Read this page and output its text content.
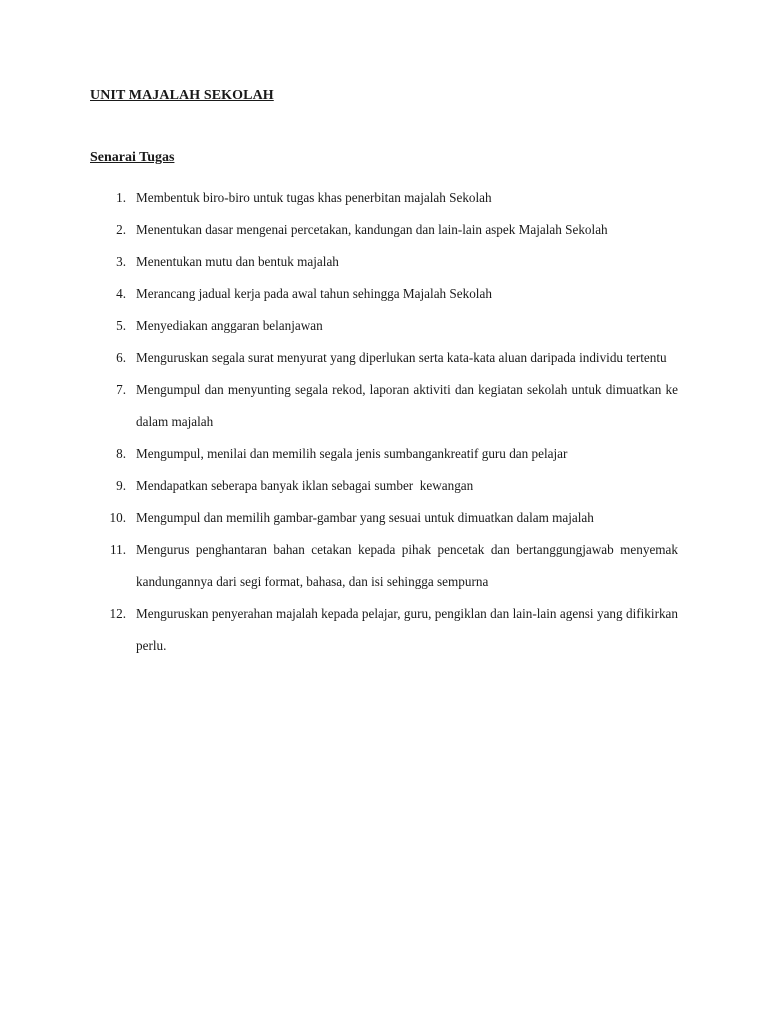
UNIT MAJALAH SEKOLAH
Senarai Tugas
1. Membentuk biro-biro untuk tugas khas penerbitan majalah Sekolah
2. Menentukan dasar mengenai percetakan, kandungan dan lain-lain aspek Majalah Sekolah
3. Menentukan mutu dan bentuk majalah
4. Merancang jadual kerja pada awal tahun sehingga Majalah Sekolah
5. Menyediakan anggaran belanjawan
6. Menguruskan segala surat menyurat yang diperlukan serta kata-kata aluan daripada individu tertentu
7. Mengumpul dan menyunting segala rekod, laporan aktiviti dan kegiatan sekolah untuk dimuatkan ke dalam majalah
8. Mengumpul, menilai dan memilih segala jenis sumbangankreatif guru dan pelajar
9. Mendapatkan seberapa banyak iklan sebagai sumber  kewangan
10. Mengumpul dan memilih gambar-gambar yang sesuai untuk dimuatkan dalam majalah
11. Mengurus penghantaran bahan cetakan kepada pihak pencetak dan bertanggungjawab menyemak kandungannya dari segi format, bahasa, dan isi sehingga sempurna
12. Menguruskan penyerahan majalah kepada pelajar, guru, pengiklan dan lain-lain agensi yang difikirkan perlu.
